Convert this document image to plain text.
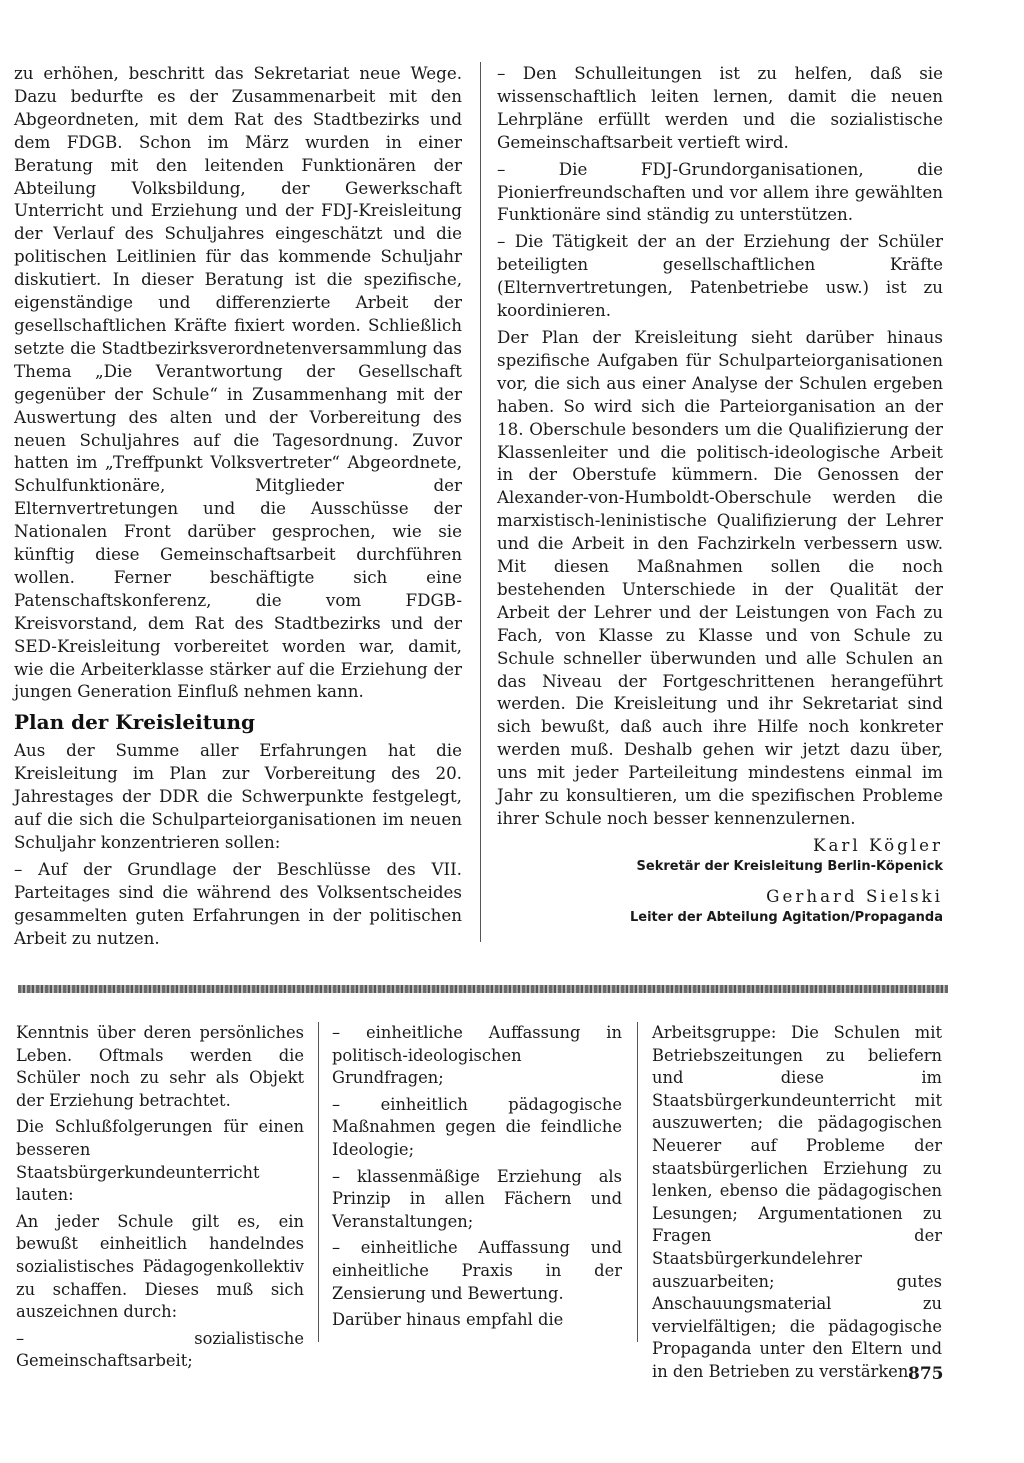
zu erhöhen, beschritt das Sekretariat neue Wege. Dazu bedurfte es der Zusammenarbeit mit den Abgeordneten, mit dem Rat des Stadtbezirks und dem FDGB. Schon im März wurden in einer Beratung mit den leitenden Funktionären der Abteilung Volksbildung, der Gewerkschaft Unterricht und Erziehung und der FDJ-Kreisleitung der Verlauf des Schuljahres eingeschätzt und die politischen Leitlinien für das kommende Schuljahr diskutiert. In dieser Beratung ist die spezifische, eigenständige und differenzierte Arbeit der gesellschaftlichen Kräfte fixiert worden. Schließlich setzte die Stadtbezirksverordnetenversammlung das Thema „Die Verantwortung der Gesellschaft gegenüber der Schule“ in Zusammenhang mit der Auswertung des alten und der Vorbereitung des neuen Schuljahres auf die Tagesordnung. Zuvor hatten im „Treffpunkt Volksvertreter“ Abgeordnete, Schulfunktionäre, Mitglieder der Elternvertretungen und die Ausschüsse der Nationalen Front darüber gesprochen, wie sie künftig diese Gemeinschaftsarbeit durchführen wollen. Ferner beschäftigte sich eine Patenschaftskonferenz, die vom FDGB-Kreisvorstand, dem Rat des Stadtbezirks und der SED-Kreisleitung vorbereitet worden war, damit, wie die Arbeiterklasse stärker auf die Erziehung der jungen Generation Einfluß nehmen kann.

Plan der Kreisleitung

Aus der Summe aller Erfahrungen hat die Kreisleitung im Plan zur Vorbereitung des 20. Jahrestages der DDR die Schwerpunkte festgelegt, auf die sich die Schulparteiorganisationen im neuen Schuljahr konzentrieren sollen:

– Auf der Grundlage der Beschlüsse des VII. Parteitages sind die während des Volksentscheides gesammelten guten Erfahrungen in der politischen Arbeit zu nutzen.

– Den Schulleitungen ist zu helfen, daß sie wissenschaftlich leiten lernen, damit die neuen Lehrpläne erfüllt werden und die sozialistische Gemeinschaftsarbeit vertieft wird.

– Die FDJ-Grundorganisationen, die Pionierfreundschaften und vor allem ihre gewählten Funktionäre sind ständig zu unterstützen.

– Die Tätigkeit der an der Erziehung der Schüler beteiligten gesellschaftlichen Kräfte (Elternvertretungen, Patenbetriebe usw.) ist zu koordinieren.

Der Plan der Kreisleitung sieht darüber hinaus spezifische Aufgaben für Schulparteiorganisationen vor, die sich aus einer Analyse der Schulen ergeben haben. So wird sich die Parteiorganisation an der 18. Oberschule besonders um die Qualifizierung der Klassenleiter und die politisch-ideologische Arbeit in der Oberstufe kümmern. Die Genossen der Alexander-von-Humboldt-Oberschule werden die marxistisch-leninistische Qualifizierung der Lehrer und die Arbeit in den Fachzirkeln verbessern usw. Mit diesen Maßnahmen sollen die noch bestehenden Unterschiede in der Qualität der Arbeit der Lehrer und der Leistungen von Fach zu Fach, von Klasse zu Klasse und von Schule zu Schule schneller überwunden und alle Schulen an das Niveau der Fortgeschrittenen herangeführt werden. Die Kreisleitung und ihr Sekretariat sind sich bewußt, daß auch ihre Hilfe noch konkreter werden muß. Deshalb gehen wir jetzt dazu über, uns mit jeder Parteileitung mindestens einmal im Jahr zu konsultieren, um die spezifischen Probleme ihrer Schule noch besser kennenzulernen.

Karl Kögler
Sekretär der Kreisleitung Berlin-Köpenick
Gerhard Sielski
Leiter der Abteilung Agitation/Propaganda

Kenntnis über deren persönliches Leben. Oftmals werden die Schüler noch zu sehr als Objekt der Erziehung betrachtet.

Die Schlußfolgerungen für einen besseren Staatsbürgerkundeunterricht lauten:

An jeder Schule gilt es, ein bewußt einheitlich handelndes sozialistisches Pädagogenkollektiv zu schaffen. Dieses muß sich auszeichnen durch:

– sozialistische Gemeinschaftsarbeit;

– einheitliche Auffassung in politisch-ideologischen Grundfragen;

– einheitlich pädagogische Maßnahmen gegen die feindliche Ideologie;

– klassenmäßige Erziehung als Prinzip in allen Fächern und Veranstaltungen;

– einheitliche Auffassung und einheitliche Praxis in der Zensierung und Bewertung.

Darüber hinaus empfahl die

Arbeitsgruppe: Die Schulen mit Betriebszeitungen zu beliefern und diese im Staatsbürgerkundeunterricht mit auszuwerten; die pädagogischen Neuerer auf Probleme der staatsbürgerlichen Erziehung zu lenken, ebenso die pädagogischen Lesungen; Argumentationen zu Fragen der Staatsbürgerkundelehrer auszuarbeiten; gutes Anschauungsmaterial zu vervielfältigen; die pädagogische Propaganda unter den Eltern und in den Betrieben zu verstärken.

875
